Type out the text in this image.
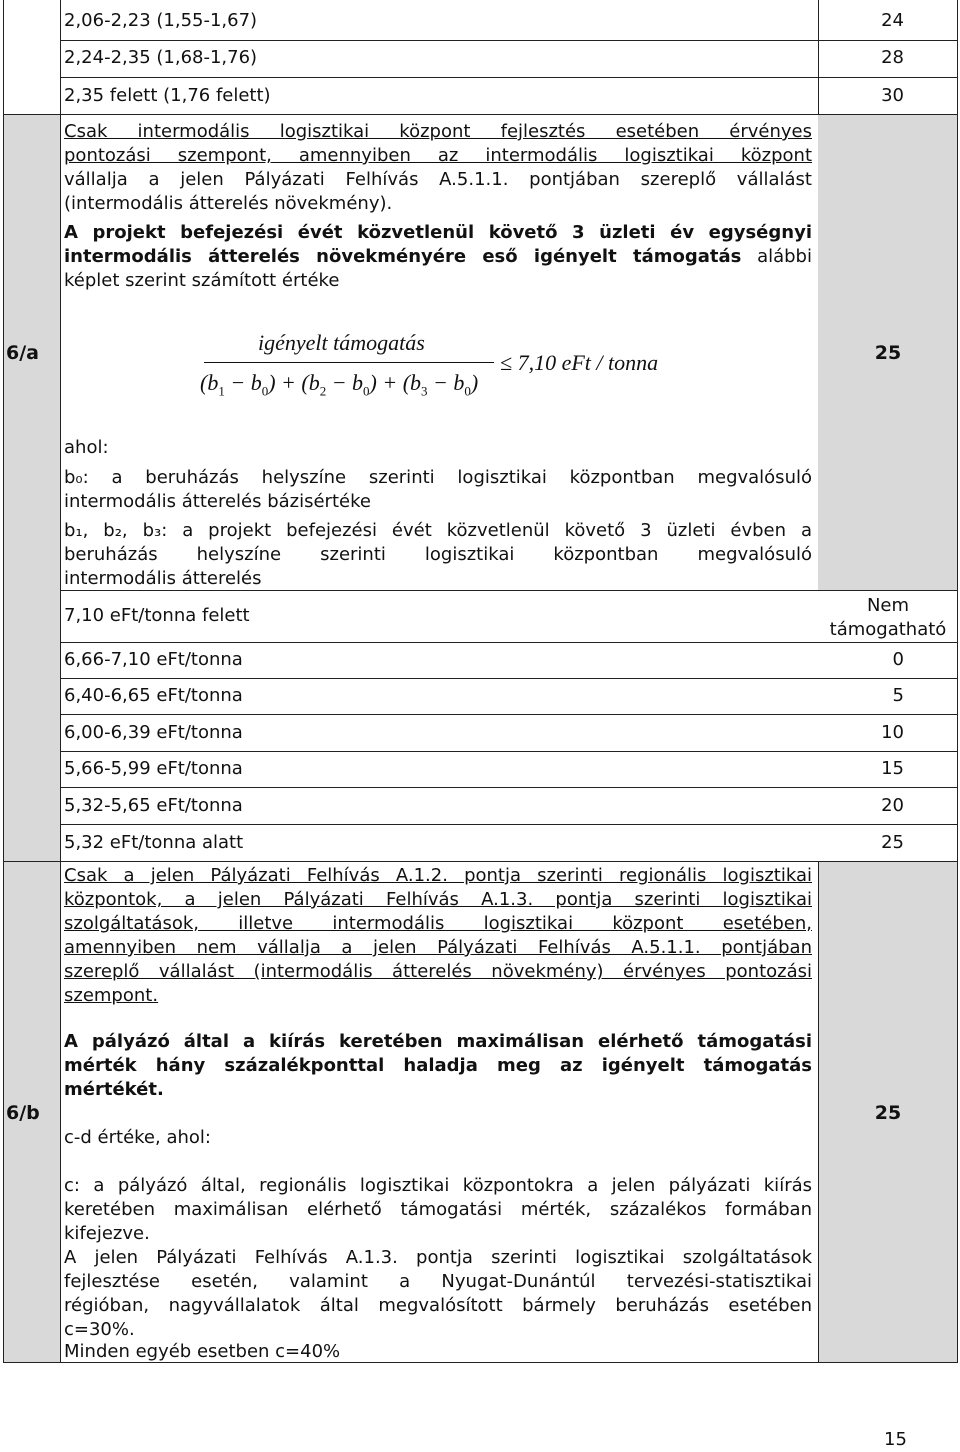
2,06-2,23 (1,55-1,67)	24
2,24-2,35 (1,68-1,76)	28
2,35 felett (1,76 felett)	30
Csak intermodális logisztikai központ fejlesztés esetében érvényes
pontozási szempont, amennyiben az intermodális logisztikai központ
vállalja a jelen Pályázati Felhívás A.5.1.1. pontjában szereplő vállalást
(intermodális átterelés növekmény).
A projekt befejezési évét közvetlenül követő 3 üzleti év egységnyi
intermodális átterelés növekményére eső igényelt támogatás alábbi
képlet szerint számított értéke
6/a	25
igényelt támogatás
$(b_1 - b_0) + (b_2 - b_0) + (b_3 - b_0)$
≤ 7,10 eFt / tonna
ahol:
b₀: a beruházás helyszíne szerinti logisztikai központban megvalósuló
intermodális átterelés bázisértéke
b₁, b₂, b₃: a projekt befejezési évét közvetlenül követő 3 üzleti évben a
beruházás helyszíne szerinti logisztikai központban megvalósuló
intermodális átterelés
7,10 eFt/tonna felett	Nem
támogatható
6,66-7,10 eFt/tonna	0
6,40-6,65 eFt/tonna	5
6,00-6,39 eFt/tonna	10
5,66-5,99 eFt/tonna	15
5,32-5,65 eFt/tonna	20
5,32 eFt/tonna alatt	25
Csak a jelen Pályázati Felhívás A.1.2. pontja szerinti regionális logisztikai
központok, a jelen Pályázati Felhívás A.1.3. pontja szerinti logisztikai
szolgáltatások, illetve intermodális logisztikai központ esetében,
amennyiben nem vállalja a jelen Pályázati Felhívás A.5.1.1. pontjában
szereplő vállalást (intermodális átterelés növekmény) érvényes pontozási
szempont.
A pályázó által a kiírás keretében maximálisan elérhető támogatási
mérték hány százalékponttal haladja meg az igényelt támogatás
mértékét.
6/b	25
c-d értéke, ahol:
c: a pályázó által, regionális logisztikai központokra a jelen pályázati kiírás
keretében maximálisan elérhető támogatási mérték, százalékos formában
kifejezve.
A jelen Pályázati Felhívás A.1.3. pontja szerinti logisztikai szolgáltatások
fejlesztése esetén, valamint a Nyugat-Dunántúl tervezési-statisztikai
régióban, nagyvállalatok által megvalósított bármely beruházás esetében
c=30%.
Minden egyéb esetben c=40%
15
